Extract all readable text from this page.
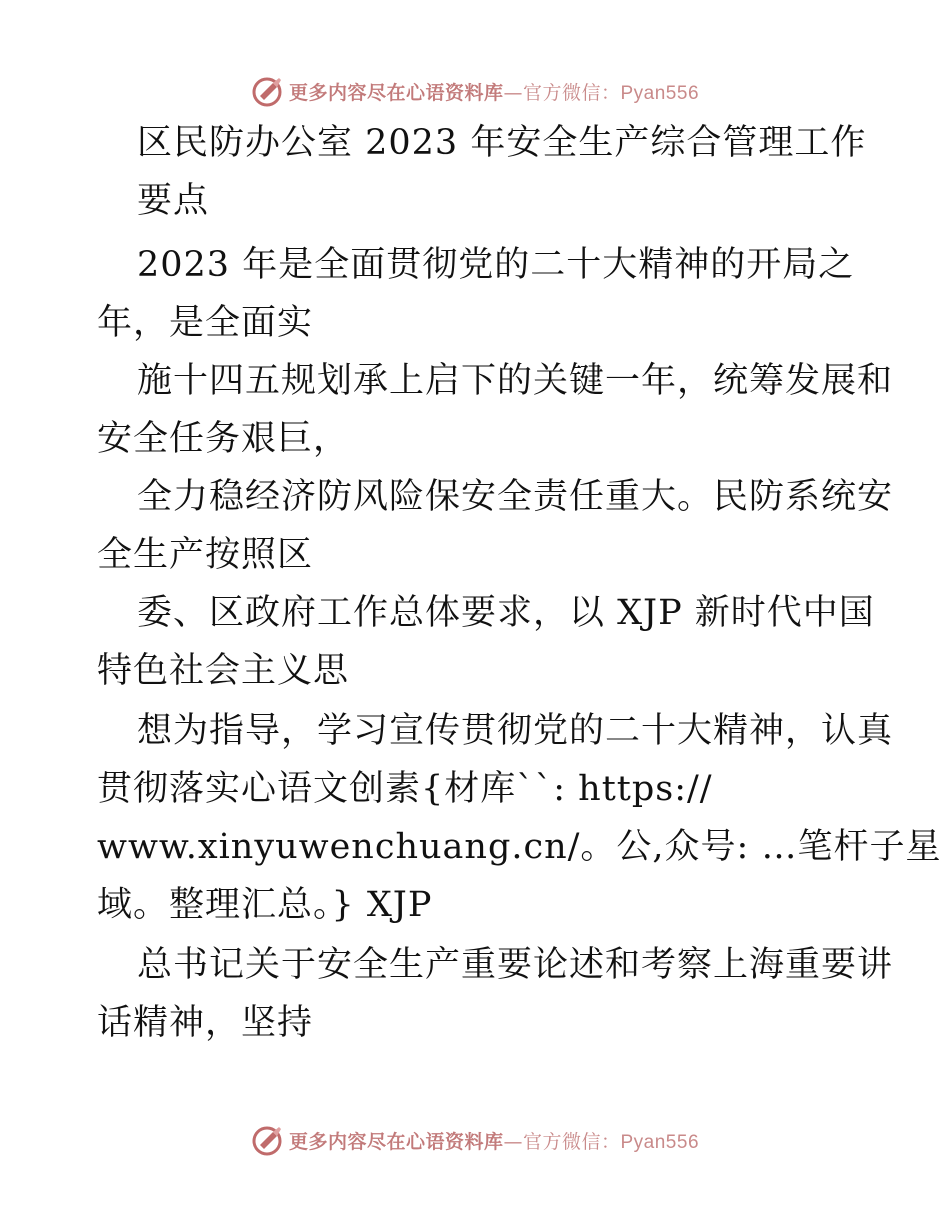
更多内容尽在心语资料库—官方微信：Pyan556
区民防办公室 2023 年安全生产综合管理工作
要点
2023 年是全面贯彻党的二十大精神的开局之
年，是全面实
施十四五规划承上启下的关键一年，统筹发展和
安全任务艰巨，
全力稳经济防风险保安全责任重大。民防系统安
全生产按照区
委、区政府工作总体要求，以 XJP 新时代中国
特色社会主义思
想为指导，学习宣传贯彻党的二十大精神，认真
贯彻落实心语文创素{材库``: https://
www.xinyuwenchuang.cn/。公,众号: …笔杆子星
域。整理汇总。} XJP
总书记关于安全生产重要论述和考察上海重要讲
话精神，坚持
更多内容尽在心语资料库—官方微信：Pyan556
